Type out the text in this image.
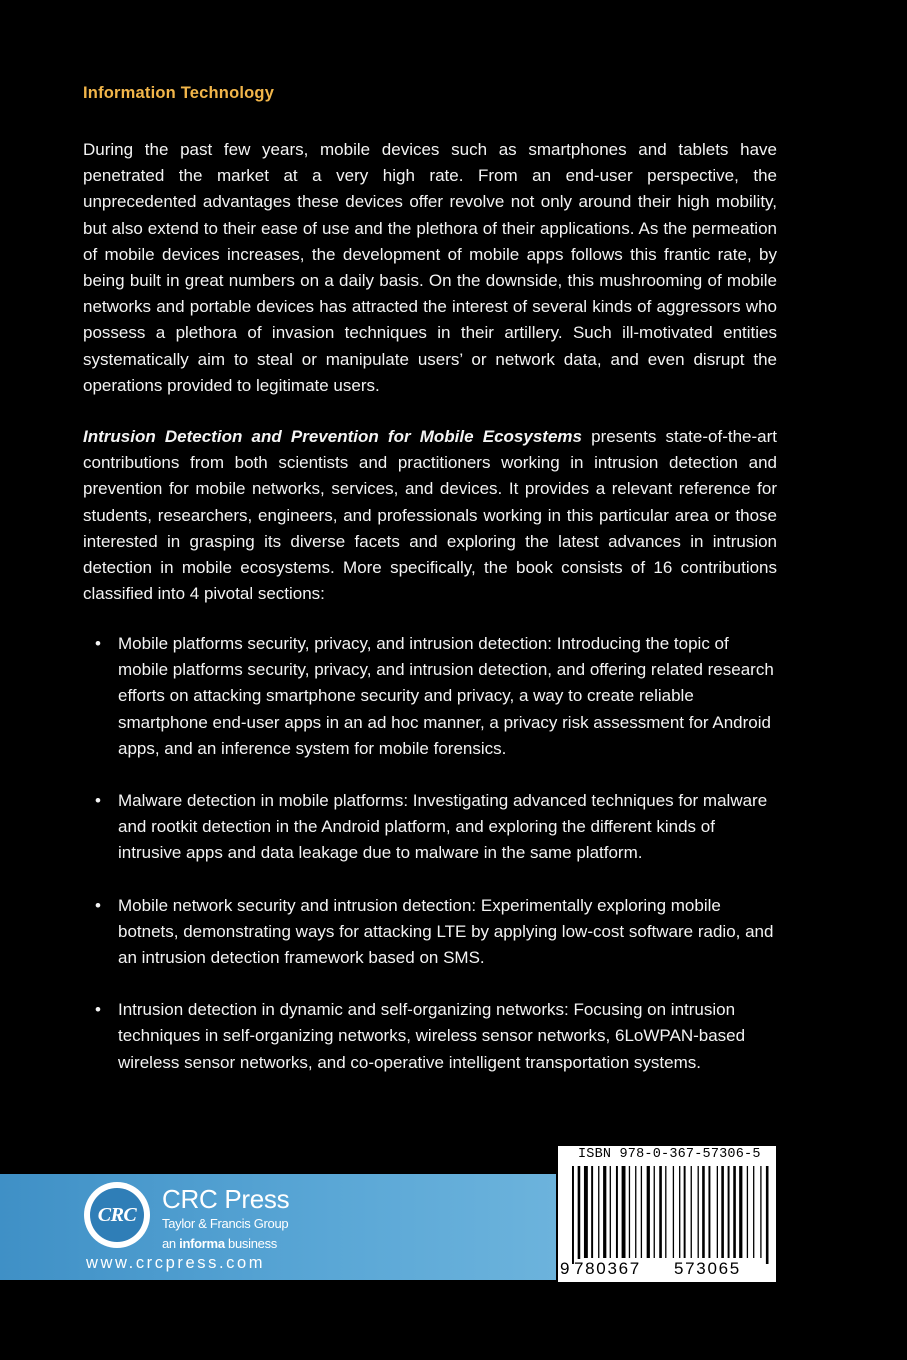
Information Technology
During the past few years, mobile devices such as smartphones and tablets have penetrated the market at a very high rate. From an end-user perspective, the unprecedented advantages these devices offer revolve not only around their high mobility, but also extend to their ease of use and the plethora of their applications. As the permeation of mobile devices increases, the development of mobile apps follows this frantic rate, by being built in great numbers on a daily basis. On the downside, this mushrooming of mobile networks and portable devices has attracted the interest of several kinds of aggressors who possess a plethora of invasion techniques in their artillery. Such ill-motivated entities systematically aim to steal or manipulate users’ or network data, and even disrupt the operations provided to legitimate users.
Intrusion Detection and Prevention for Mobile Ecosystems presents state-of-the-art contributions from both scientists and practitioners working in intrusion detection and prevention for mobile networks, services, and devices. It provides a relevant reference for students, researchers, engineers, and professionals working in this particular area or those interested in grasping its diverse facets and exploring the latest advances in intrusion detection in mobile ecosystems. More specifically, the book consists of 16 contributions classified into 4 pivotal sections:
•	Mobile platforms security, privacy, and intrusion detection: Introducing the topic of mobile platforms security, privacy, and intrusion detection, and offering related research efforts on attacking smartphone security and privacy, a way to create reliable smartphone end-user apps in an ad hoc manner, a privacy risk assessment for Android apps, and an inference system for mobile forensics.
•	Malware detection in mobile platforms: Investigating advanced techniques for malware and rootkit detection in the Android platform, and exploring the different kinds of intrusive apps and data leakage due to malware in the same platform.
•	Mobile network security and intrusion detection: Experimentally exploring mobile botnets, demonstrating ways for attacking LTE by applying low-cost software radio, and an intrusion detection framework based on SMS.
•	Intrusion detection in dynamic and self-organizing networks: Focusing on intrusion techniques in self-organizing networks, wireless sensor networks, 6LoWPAN-based wireless sensor networks, and co-operative intelligent transportation systems.
CRC
CRC Press
Taylor & Francis Group
an informa business
www.crcpress.com
ISBN 978-0-367-57306-5
9 780367 573065
